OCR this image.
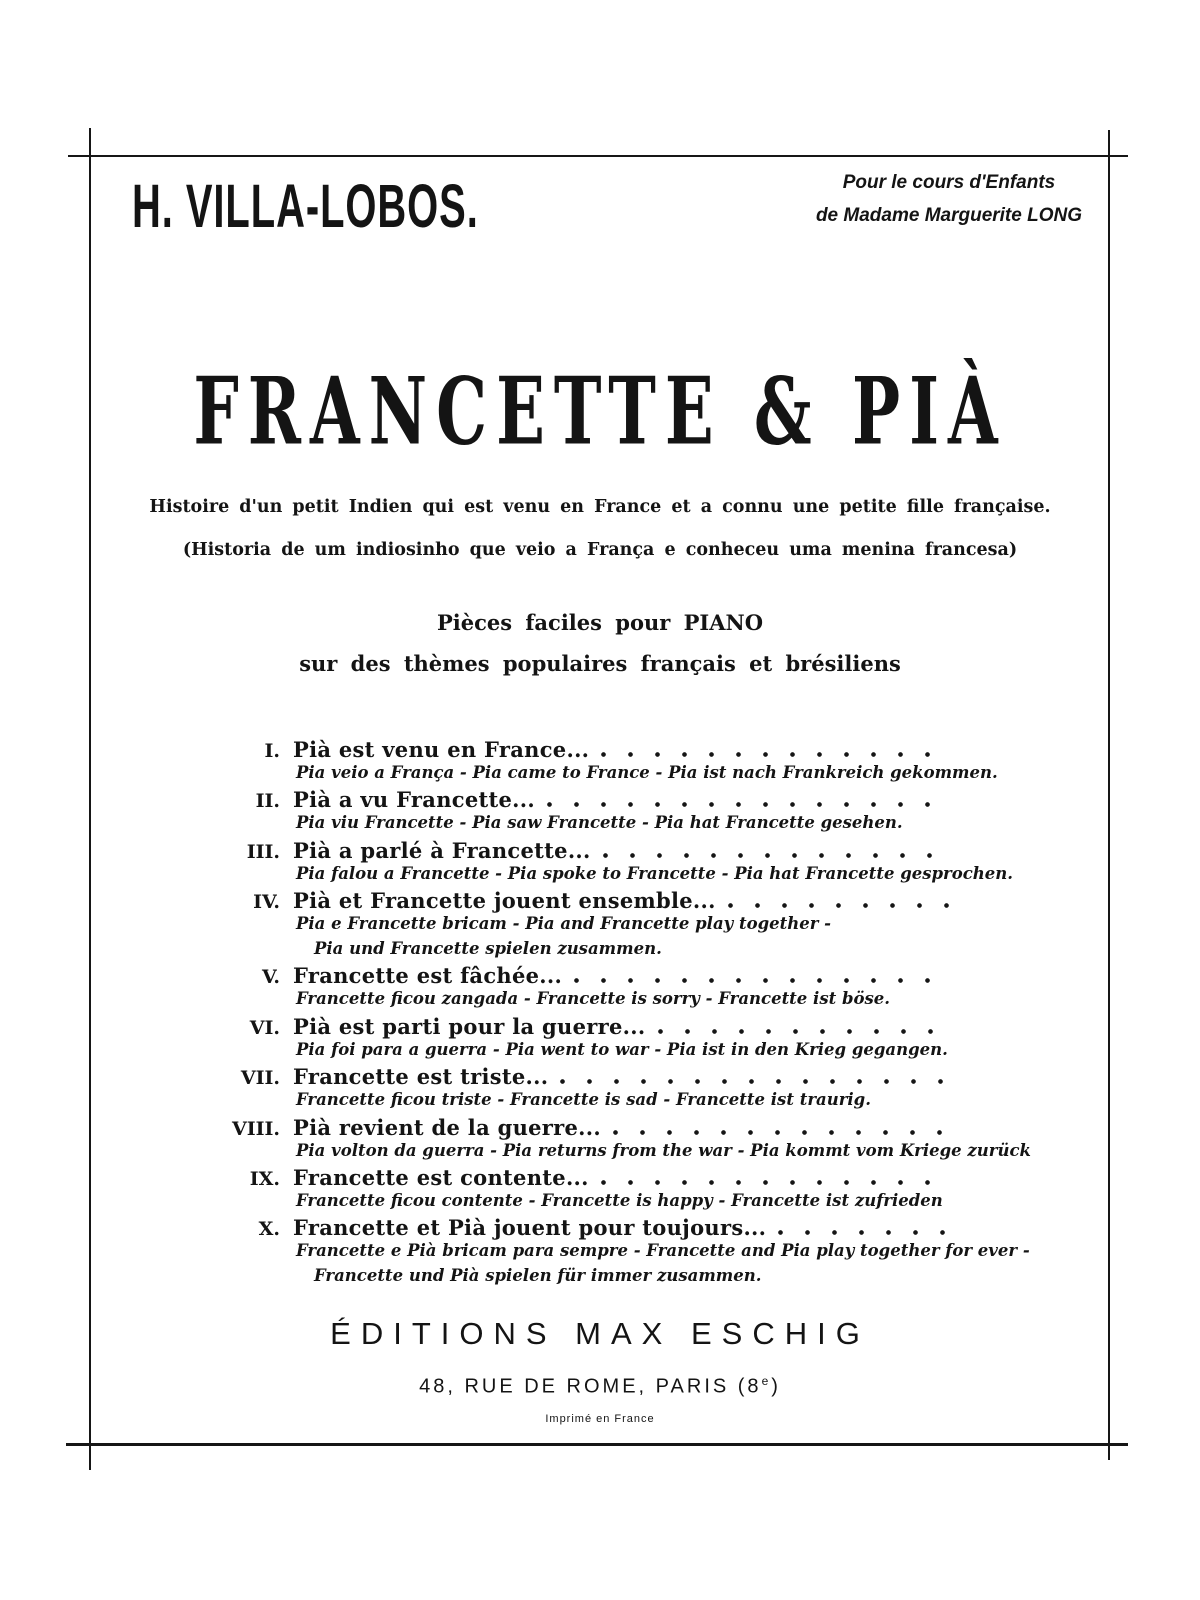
H. VILLA-LOBOS.	Pour le cours d'Enfants
de Madame Marguerite LONG
FRANCETTE & PIÀ
Histoire d'un petit Indien qui est venu en France et a connu une petite fille française.
(Historia de um indiosinho que veio a França e conheceu uma menina francesa)
Pièces faciles pour PIANO
sur des thèmes populaires français et brésiliens
I. Pià est venu en France...
Pia veio a França - Pia came to France - Pia ist nach Frankreich gekommen.
II. Pià a vu Francette...
Pia viu Francette - Pia saw Francette - Pia hat Francette gesehen.
III. Pià a parlé à Francette...
Pia falou a Francette - Pia spoke to Francette - Pia hat Francette gesprochen.
IV. Pià et Francette jouent ensemble...
Pia e Francette bricam - Pia and Francette play together -
Pia und Francette spielen zusammen.
V. Francette est fâchée...
Francette ficou zangada - Francette is sorry - Francette ist böse.
VI. Pià est parti pour la guerre...
Pia foi para a guerra - Pia went to war - Pia ist in den Krieg gegangen.
VII. Francette est triste...
Francette ficou triste - Francette is sad - Francette ist traurig.
VIII. Pià revient de la guerre...
Pia volton da guerra - Pia returns from the war - Pia kommt vom Kriege zurück
IX. Francette est contente...
Francette ficou contente - Francette is happy - Francette ist zufrieden
X. Francette et Pià jouent pour toujours...
Francette e Pià bricam para sempre - Francette and Pia play together for ever -
Francette und Pià spielen für immer zusammen.
ÉDITIONS MAX ESCHIG
48, RUE DE ROME, PARIS (8e)
Imprimé en France
